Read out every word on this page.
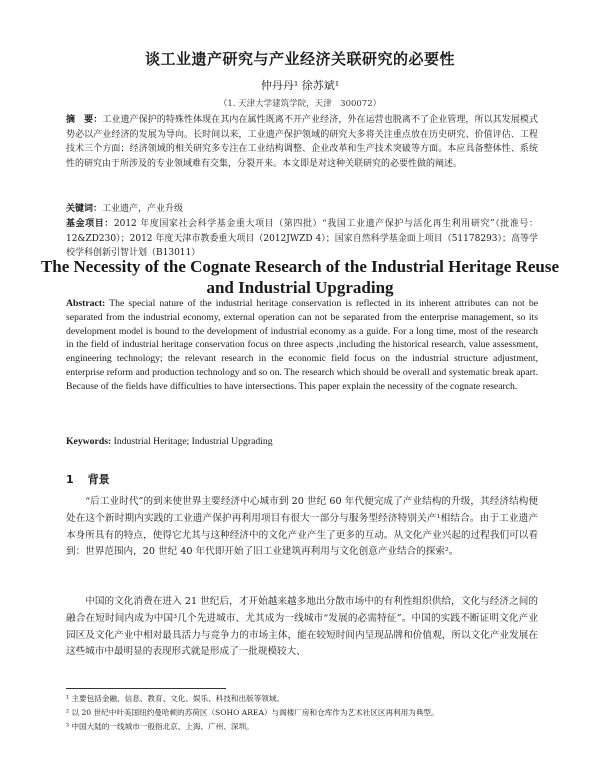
谈工业遗产研究与产业经济关联研究的必要性
仲丹丹¹ 徐苏斌¹
（1. 天津大学建筑学院，天津　300072）
摘　要：工业遗产保护的特殊性体现在其内在属性既离不开产业经济，外在运营也脱离不了企业管理，所以其发展模式势必以产业经济的发展为导向。长时间以来，工业遗产保护领域的研究大多将关注重点放在历史研究、价值评估、工程技术三个方面；经济领域的相关研究多专注在工业结构调整、企业改革和生产技术突破等方面。本应具备整体性、系统性的研究由于所涉及的专业领域难有交集，分裂开来。本文即是对这种关联研究的必要性做的阐述。
关键词：工业遗产，产业升级
基金项目：2012 年度国家社会科学基金重大项目（第四批）“我国工业遗产保护与活化再生利用研究”（批准号：12&ZD230）；2012 年度天津市教委重大项目（2012JWZD 4）；国家自然科学基金面上项目（51178293）；高等学校学科创新引智计划（B13011）
The Necessity of the Cognate Research of the Industrial Heritage Reuse and Industrial Upgrading
Abstract: The special nature of the industrial heritage conservation is reflected in its inherent attributes can not be separated from the industrial economy, external operation can not be separated from the enterprise management, so its development model is bound to the development of industrial economy as a guide. For a long time, most of the research in the field of industrial heritage conservation focus on three aspects ,including the historical research, value assessment, engineering technology; the relevant research in the economic field focus on the industrial structure adjustment, enterprise reform and production technology and so on. The research which should be overall and systematic break apart. Because of the fields have difficulties to have intersections. This paper explain the necessity of the cognate research.
Keywords: Industrial Heritage; Industrial Upgrading
1 背景
“后工业时代”的到来使世界主要经济中心城市到 20 世纪 60 年代便完成了产业结构的升级，其经济结构便处在这个新时期内实践的工业遗产保护再利用项目有很大一部分与服务型经济特别关产¹相结合。由于工业遗产本身所具有的特点，使得它尤其与这种经济中的文化产业产生了更多的互动。从文化产业兴起的过程我们可以看到：世界范围内，20 世纪 40 年代即开始了旧工业建筑再利用与文化创意产业结合的探索²。
中国的文化消费在进入 21 世纪后，才开始越来越多地出分散市场中的有利性组织供给，文化与经济之间的融合在短时间内成为中国³几个先进城市、尤其成为一线城市“发展的必需特征”。中国的实践不断证明文化产业园区及文化产业中相对最具活力与竞争力的市场主体，能在较短时间内呈现品牌和价值观，所以文化产业发展在这些城市中最明显的表现形式就是形成了一批规模较大、
¹ 主要包括金融、信息、教育、文化、娱乐、科技和出版等领域。
² 以 20 世纪中叶美国纽约曼哈顿的苏荷区（SOHO AREA）与阁楼厂房和仓库作为艺术社区区再利用为典型。
³ 中国大陆的一线城市一般指北京、上海、广州、深圳。
